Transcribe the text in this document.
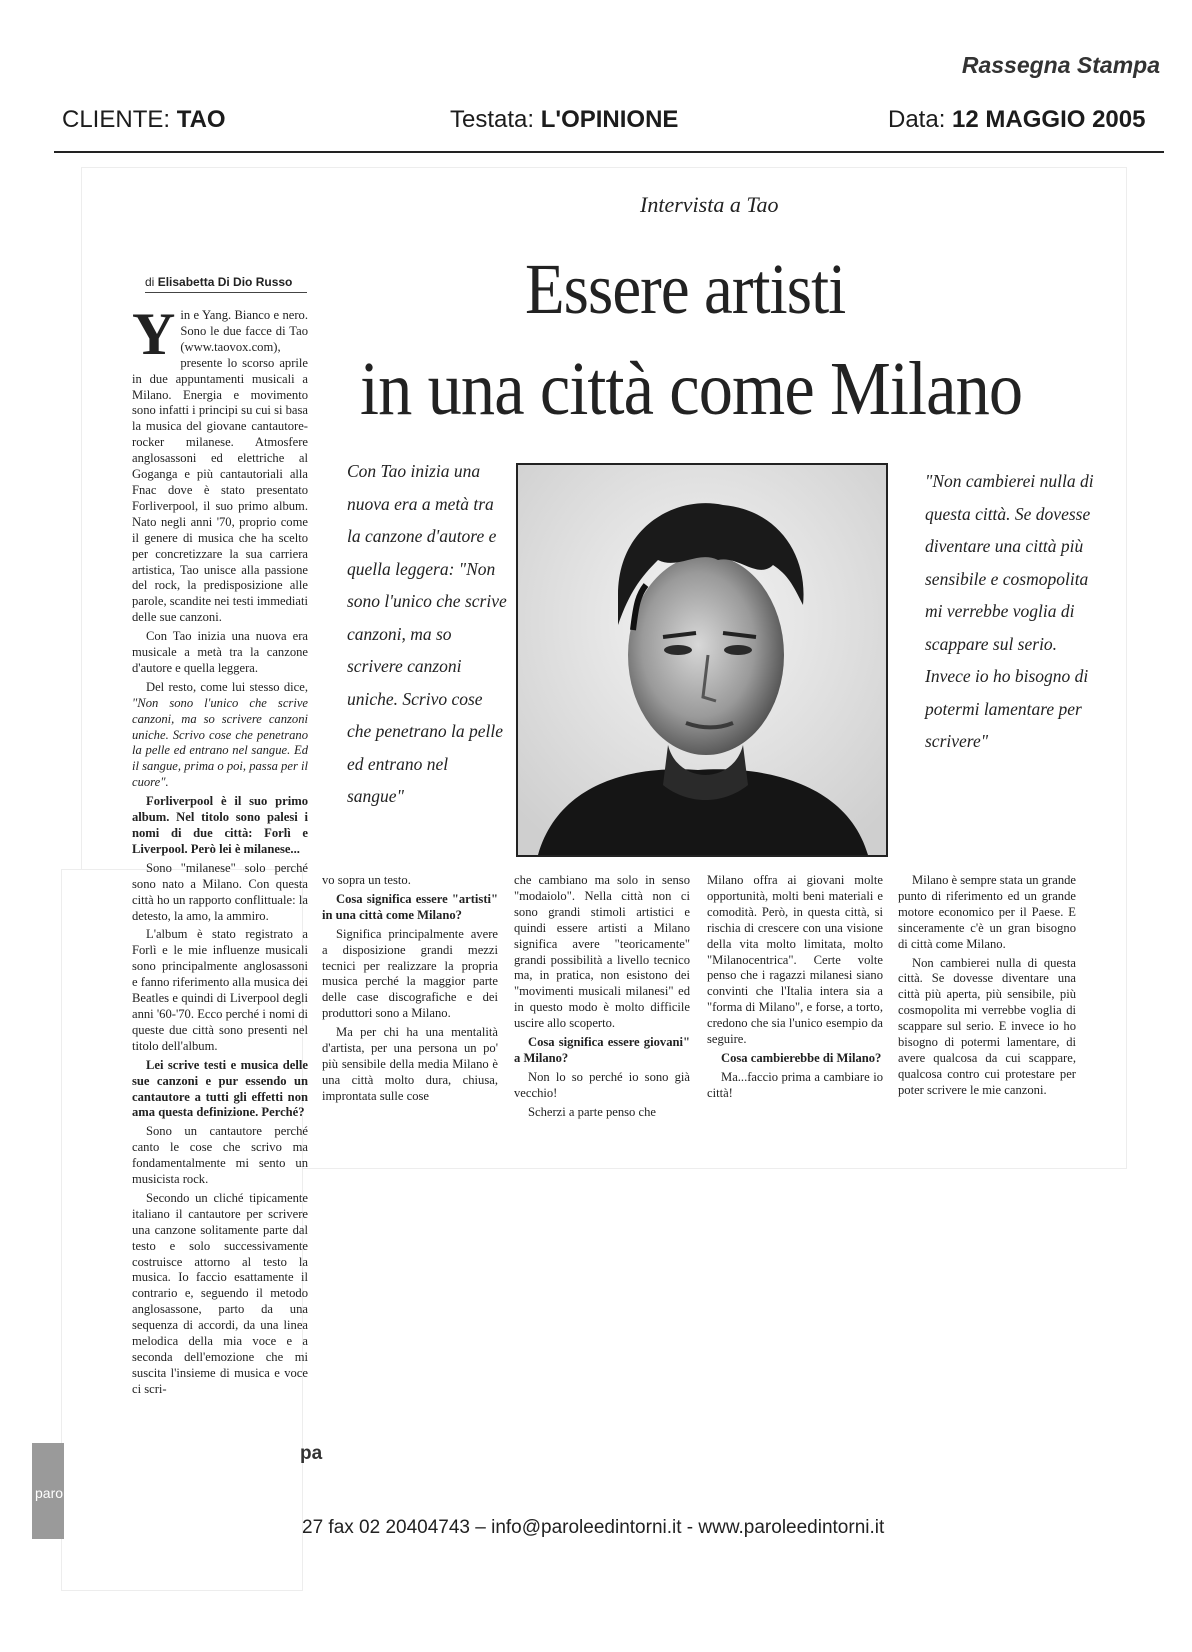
Rassegna Stampa
CLIENTE: TAO	Testata: L'OPINIONE	Data: 12 MAGGIO 2005
Intervista a Tao
Essere artisti
in una città come Milano
di Elisabetta Di Dio Russo

Yin e Yang. Bianco e nero. Sono le due facce di Tao (www.taovox.com), presente lo scorso aprile in due appuntamenti musicali a Milano. Energia e movimento sono infatti i principi su cui si basa la musica del giovane cantautore-rocker milanese. Atmosfere anglosassoni ed elettriche al Goganga e più cantautoriali alla Fnac dove è stato presentato Forliverpool, il suo primo album. Nato negli anni '70, proprio come il genere di musica che ha scelto per concretizzare la sua carriera artistica, Tao unisce alla passione del rock, la predisposizione alle parole, scandite nei testi immediati delle sue canzoni.

Con Tao inizia una nuova era musicale a metà tra la canzone d'autore e quella leggera.

Del resto, come lui stesso dice, "Non sono l'unico che scrive canzoni, ma so scrivere canzoni uniche. Scrivo cose che penetrano la pelle ed entrano nel sangue. Ed il sangue, prima o poi, passa per il cuore".

Forliverpool è il suo primo album. Nel titolo sono palesi i nomi di due città: Forlì e Liverpool. Però lei è milanese...

Sono "milanese" solo perché sono nato a Milano. Con questa città ho un rapporto conflittuale: la detesto, la amo, la ammiro.

L'album è stato registrato a Forlì e le mie influenze musicali sono principalmente anglosassoni e fanno riferimento alla musica dei Beatles e quindi di Liverpool degli anni '60-'70. Ecco perché i nomi di queste due città sono presenti nel titolo dell'album.

Lei scrive testi e musica delle sue canzoni e pur essendo un cantautore a tutti gli effetti non ama questa definizione. Perché?

Sono un cantautore perché canto le cose che scrivo ma fondamentalmente mi sento un musicista rock.

Secondo un cliché tipicamente italiano il cantautore per scrivere una canzone solitamente parte dal testo e solo successivamente costruisce attorno al testo la musica. Io faccio esattamente il contrario e, seguendo il metodo anglosassone, parto da una sequenza di accordi, da una linea melodica della mia voce e a seconda dell'emozione che mi suscita l'insieme di musica e voce ci scri-

Con Tao inizia una nuova era a metà tra la canzone d'autore e quella leggera: "Non sono l'unico che scrive canzoni, ma so scrivere canzoni uniche. Scrivo cose che penetrano la pelle ed entrano nel sangue"
"Non cambierei nulla di questa città. Se dovesse diventare una città più sensibile e cosmopolita mi verrebbe voglia di scappare sul serio. Invece io ho bisogno di potermi lamentare per scrivere"

vo sopra un testo.

Cosa significa essere "artisti" in una città come Milano?

Significa principalmente avere a disposizione grandi mezzi tecnici per realizzare la propria musica perché la maggior parte delle case discografiche e dei produttori sono a Milano.

Ma per chi ha una mentalità d'artista, per una persona un po' più sensibile della media Milano è una città molto dura, chiusa, improntata sulle cose

che cambiano ma solo in senso "modaiolo". Nella città non ci sono grandi stimoli artistici e quindi essere artisti a Milano significa avere "teoricamente" grandi possibilità a livello tecnico ma, in pratica, non esistono dei "movimenti musicali milanesi" ed in questo modo è molto difficile uscire allo scoperto.

Cosa significa essere giovani" a Milano?

Non lo so perché io sono già vecchio!

Scherzi a parte penso che

Milano offra ai giovani molte opportunità, molti beni materiali e comodità. Però, in questa città, si rischia di crescere con una visione della vita molto limitata, molto "Milanocentrica". Certe volte penso che i ragazzi milanesi siano convinti che l'Italia intera sia a "forma di Milano", e forse, a torto, credono che sia l'unico esempio da seguire.

Cosa cambierebbe di Milano?

Ma...faccio prima a cambiare io città!

Milano è sempre stata un grande punto di riferimento ed un grande motore economico per il Paese. E sinceramente c'è un gran bisogno di città come Milano.

Non cambierei nulla di questa città. Se dovesse diventare una città più aperta, più sensibile, più cosmopolita mi verrebbe voglia di scappare sul serio. E invece io ho bisogno di potermi lamentare, di avere qualcosa da cui scappare, qualcosa contro cui protestare per poter scrivere le mie canzoni.

paro
pa
27 fax 02 20404743 – info@paroleedintorni.it - www.paroleedintorni.it
